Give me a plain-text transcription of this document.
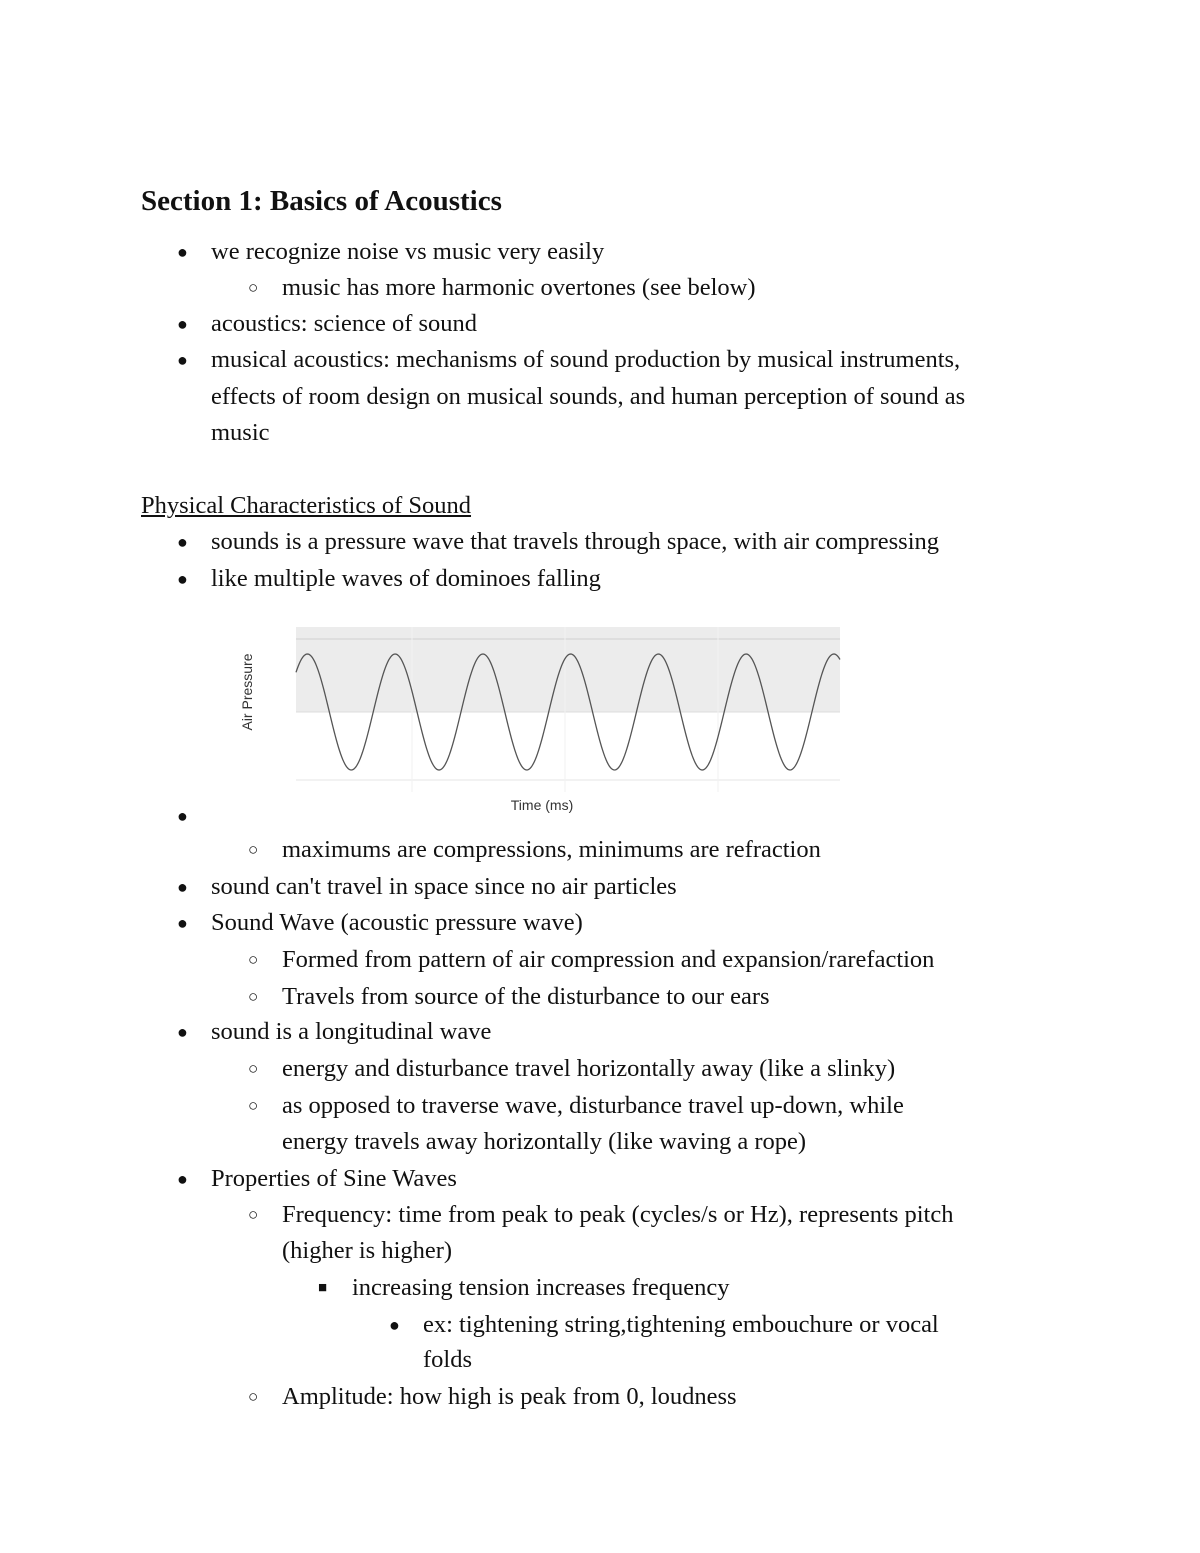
Section 1: Basics of Acoustics
● we recognize noise vs music very easily
○ music has more harmonic overtones (see below)
● acoustics: science of sound
● musical acoustics: mechanisms of sound production by musical instruments,
effects of room design on musical sounds, and human perception of sound as
music
Physical Characteristics of Sound
● sounds is a pressure wave that travels through space, with air compressing
● like multiple waves of dominoes falling
Air Pressure
Time (ms)
●
○ maximums are compressions, minimums are refraction
● sound can't travel in space since no air particles
● Sound Wave (acoustic pressure wave)
○ Formed from pattern of air compression and expansion/rarefaction
○ Travels from source of the disturbance to our ears
● sound is a longitudinal wave
○ energy and disturbance travel horizontally away (like a slinky)
○ as opposed to traverse wave, disturbance travel up-down, while
energy travels away horizontally (like waving a rope)
● Properties of Sine Waves
○ Frequency: time from peak to peak (cycles/s or Hz), represents pitch
(higher is higher)
■ increasing tension increases frequency
● ex: tightening string,tightening embouchure or vocal
folds
○ Amplitude: how high is peak from 0, loudness
